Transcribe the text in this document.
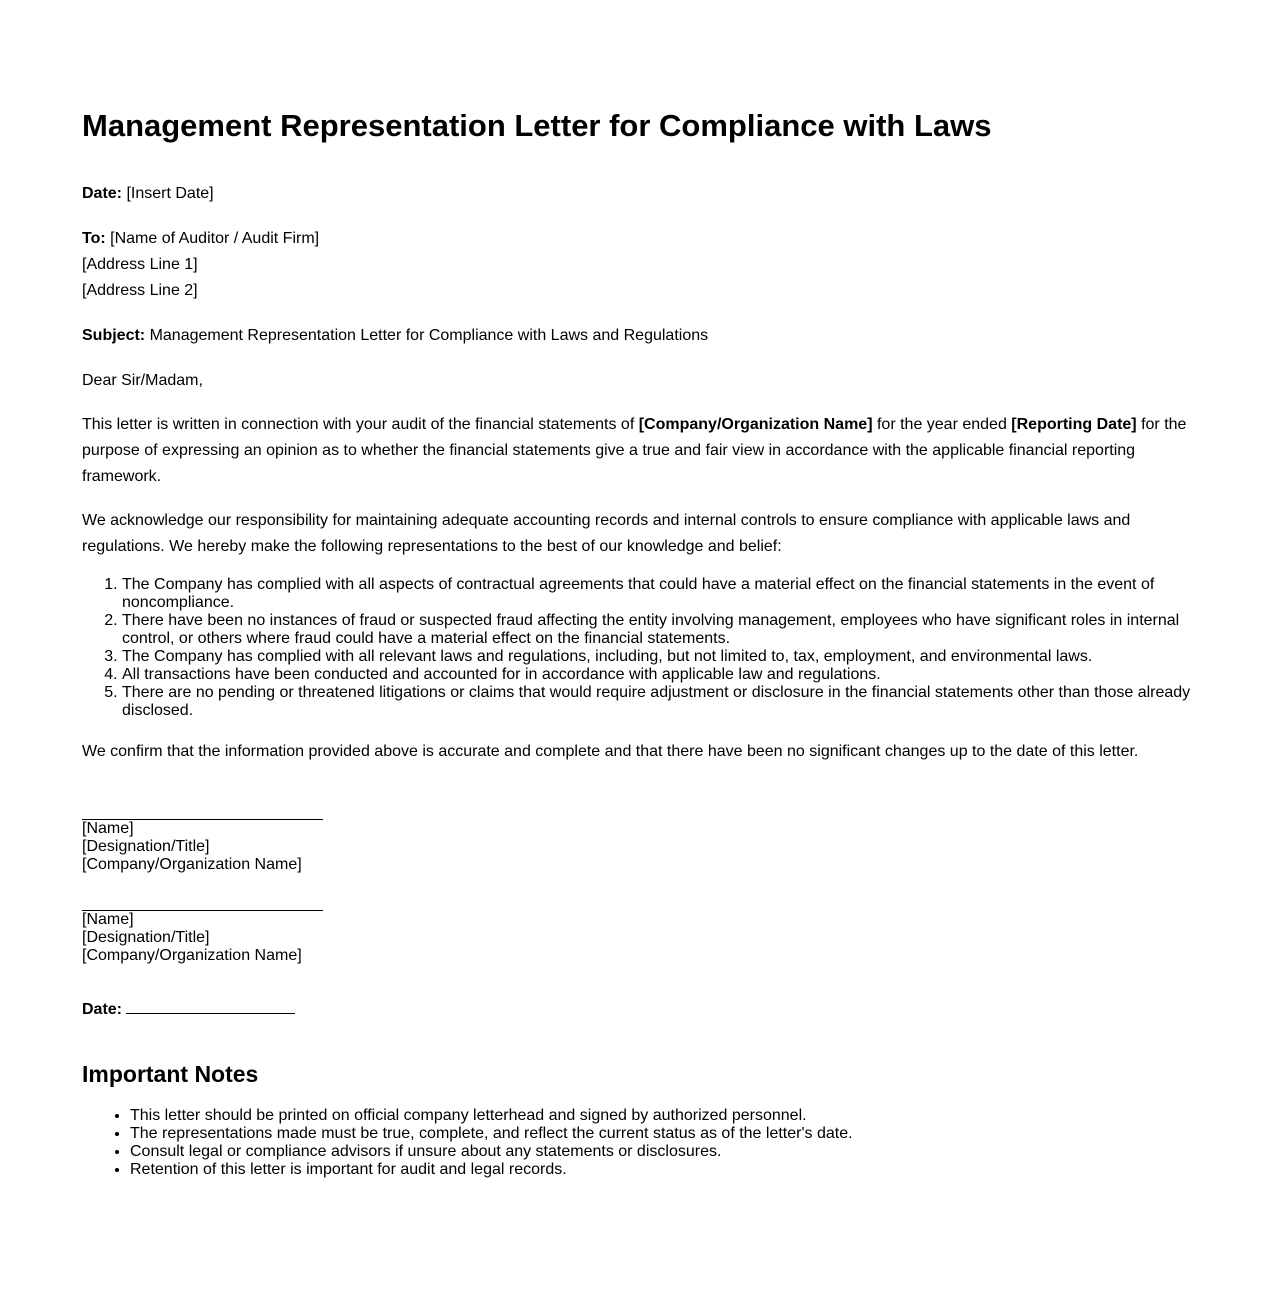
Management Representation Letter for Compliance with Laws

Date: [Insert Date]

To: [Name of Auditor / Audit Firm]

[Address Line 1]

[Address Line 2]

Subject: Management Representation Letter for Compliance with Laws and Regulations

Dear Sir/Madam,

This letter is written in connection with your audit of the financial statements of [Company/Organization Name] for the year ended [Reporting Date] for the purpose of expressing an opinion as to whether the financial statements give a true and fair view in accordance with the applicable financial reporting framework.

We acknowledge our responsibility for maintaining adequate accounting records and internal controls to ensure compliance with applicable laws and regulations. We hereby make the following representations to the best of our knowledge and belief:

1. The Company has complied with all aspects of contractual agreements that could have a material effect on the financial statements in the event of noncompliance.
2. There have been no instances of fraud or suspected fraud affecting the entity involving management, employees who have significant roles in internal control, or others where fraud could have a material effect on the financial statements.
3. The Company has complied with all relevant laws and regulations, including, but not limited to, tax, employment, and environmental laws.
4. All transactions have been conducted and accounted for in accordance with applicable law and regulations.
5. There are no pending or threatened litigations or claims that would require adjustment or disclosure in the financial statements other than those already disclosed.

We confirm that the information provided above is accurate and complete and that there have been no significant changes up to the date of this letter.

[Name]
[Designation/Title]
[Company/Organization Name]
[Name]
[Designation/Title]
[Company/Organization Name]
Date:
Important Notes
• This letter should be printed on official company letterhead and signed by authorized personnel.
• The representations made must be true, complete, and reflect the current status as of the letter's date.
• Consult legal or compliance advisors if unsure about any statements or disclosures.
• Retention of this letter is important for audit and legal records.
